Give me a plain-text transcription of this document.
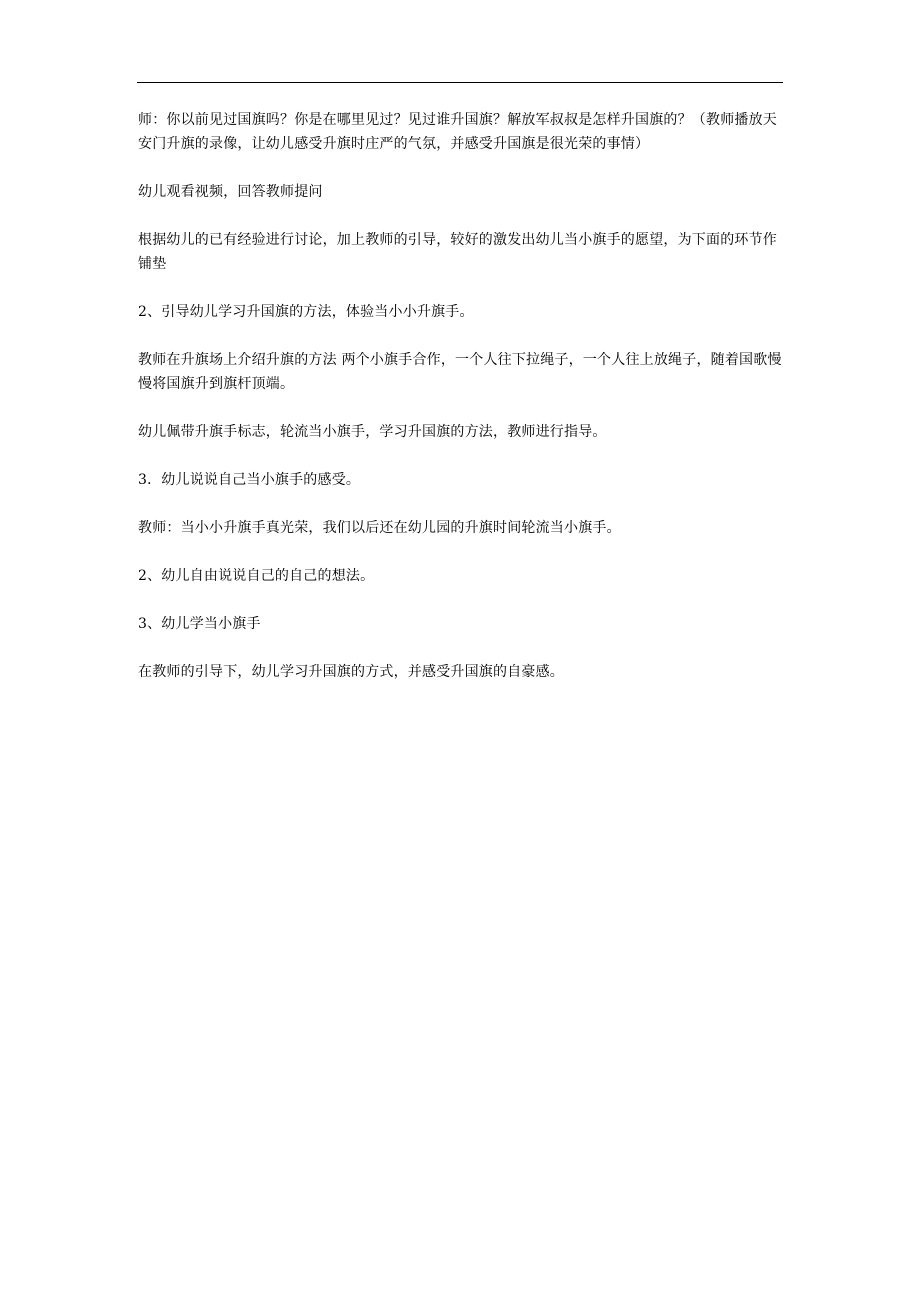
师：你以前见过国旗吗？你是在哪里见过？见过谁升国旗？解放军叔叔是怎样升国旗的？（教师播放天安门升旗的录像，让幼儿感受升旗时庄严的气氛，并感受升国旗是很光荣的事情）

幼儿观看视频，回答教师提问

根据幼儿的已有经验进行讨论，加上教师的引导，较好的激发出幼儿当小旗手的愿望，为下面的环节作铺垫

2、引导幼儿学习升国旗的方法，体验当小小升旗手。

教师在升旗场上介绍升旗的方法 两个小旗手合作，一个人往下拉绳子，一个人往上放绳子，随着国歌慢慢将国旗升到旗杆顶端。

幼儿佩带升旗手标志，轮流当小旗手，学习升国旗的方法，教师进行指导。

3．幼儿说说自己当小旗手的感受。

教师：当小小升旗手真光荣，我们以后还在幼儿园的升旗时间轮流当小旗手。

2、幼儿自由说说自己的自己的想法。

3、幼儿学当小旗手

在教师的引导下，幼儿学习升国旗的方式，并感受升国旗的自豪感。
